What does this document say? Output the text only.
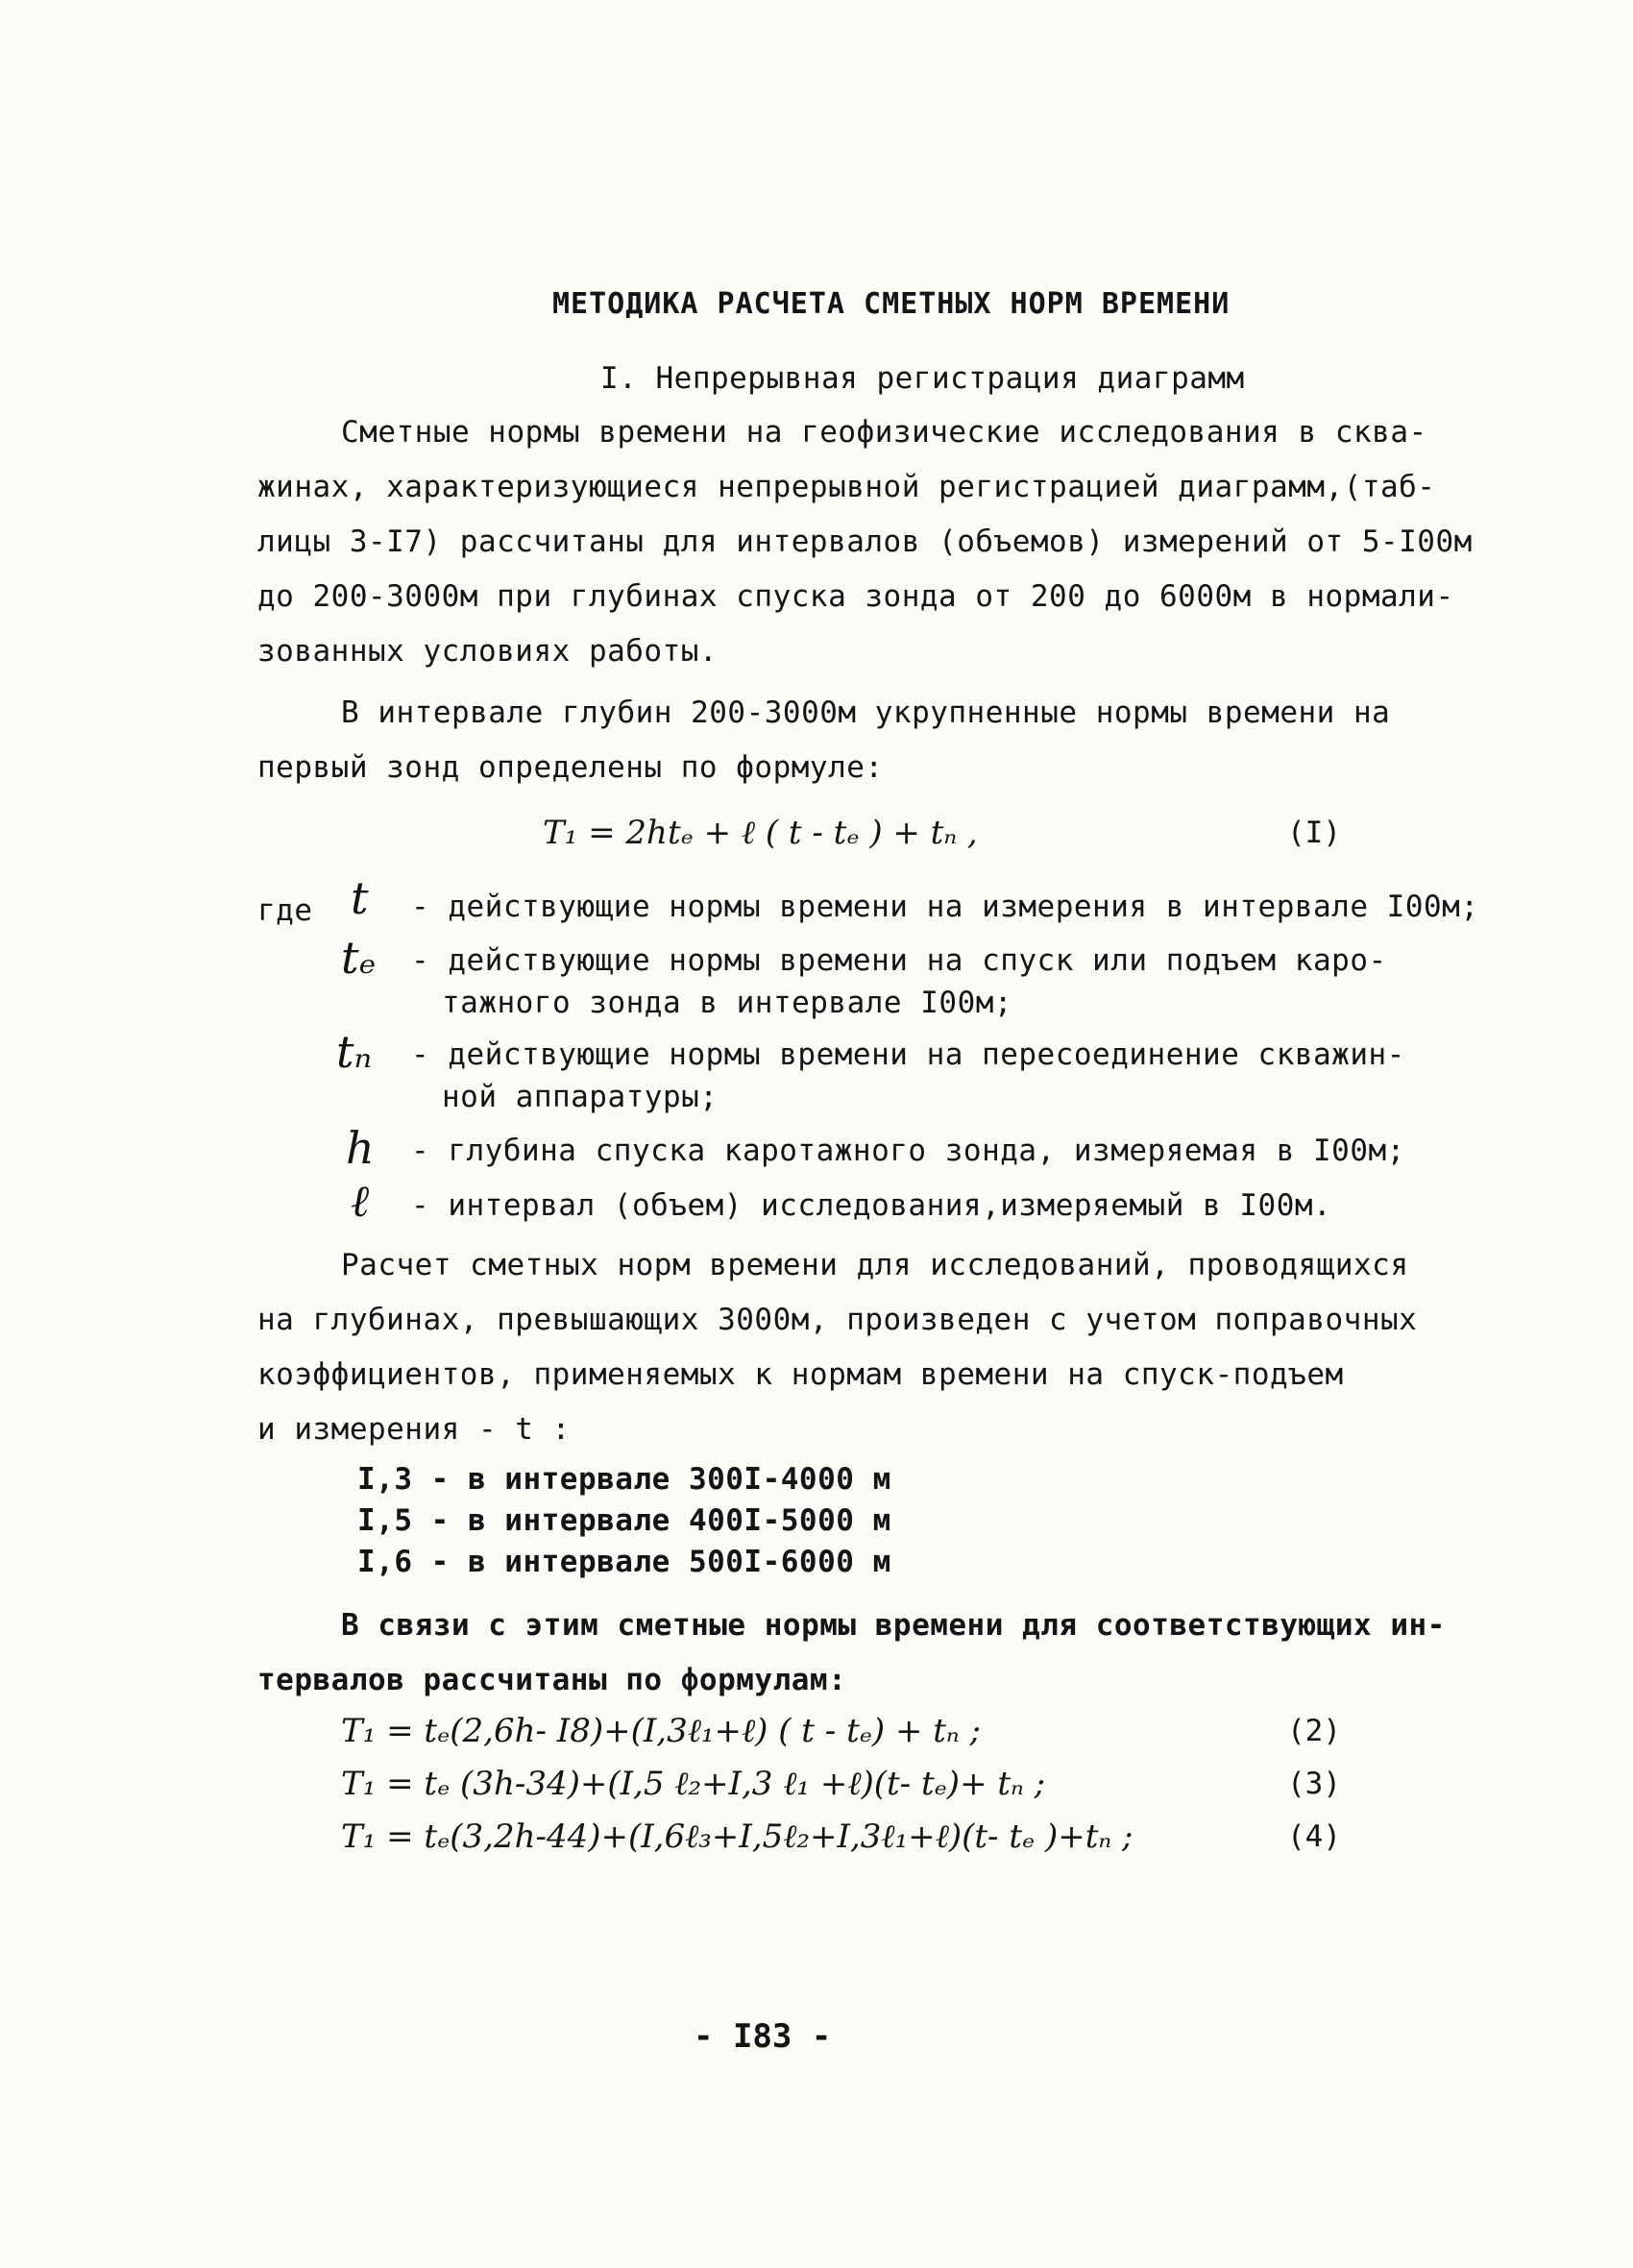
МЕТОДИКА РАСЧЕТА СМЕТНЫХ НОРМ ВРЕМЕНИ
I. Непрерывная регистрация диаграмм
Сметные нормы времени на геофизические исследования в сква-
жинах, характеризующиеся непрерывной регистрацией диаграмм,(таб-
лицы 3-I7) рассчитаны для интервалов (объемов) измерений от 5-I00м
до 200-3000м при глубинах спуска зонда от 200 до 6000м в нормали-
зованных условиях работы.
В интервале глубин 200-3000м укрупненные нормы времени на
первый зонд определены по формуле:
T₁ = 2htₑ + ℓ ( t - tₑ ) + tₙ ,	(I)
где t - действующие нормы времени на измерения в интервале I00м;
tₑ - действующие нормы времени на спуск или подъем каро-
тажного зонда в интервале I00м;
tₙ - действующие нормы времени на пересоединение скважин-
ной аппаратуры;
h - глубина спуска каротажного зонда, измеряемая в I00м;
ℓ - интервал (объем) исследования,измеряемый в I00м.
Расчет сметных норм времени для исследований, проводящихся
на глубинах, превышающих 3000м, произведен с учетом поправочных
коэффициентов, применяемых к нормам времени на спуск-подъем
и измерения - t :
I,3 - в интервале 300I-4000 м
I,5 - в интервале 400I-5000 м
I,6 - в интервале 500I-6000 м
В связи с этим сметные нормы времени для соответствующих ин-
тервалов рассчитаны по формулам:
T₁ = tₑ(2,6h- I8)+(I,3ℓ₁+ℓ) ( t - tₑ) + tₙ ;	(2)
T₁ = tₑ (3h-34)+(I,5 ℓ₂+I,3 ℓ₁ +ℓ)(t- tₑ)+ tₙ ;	(3)
T₁ = tₑ(3,2h-44)+(I,6ℓ₃+I,5ℓ₂+I,3ℓ₁+ℓ)(t- tₑ )+tₙ ;	(4)
- I83 -
